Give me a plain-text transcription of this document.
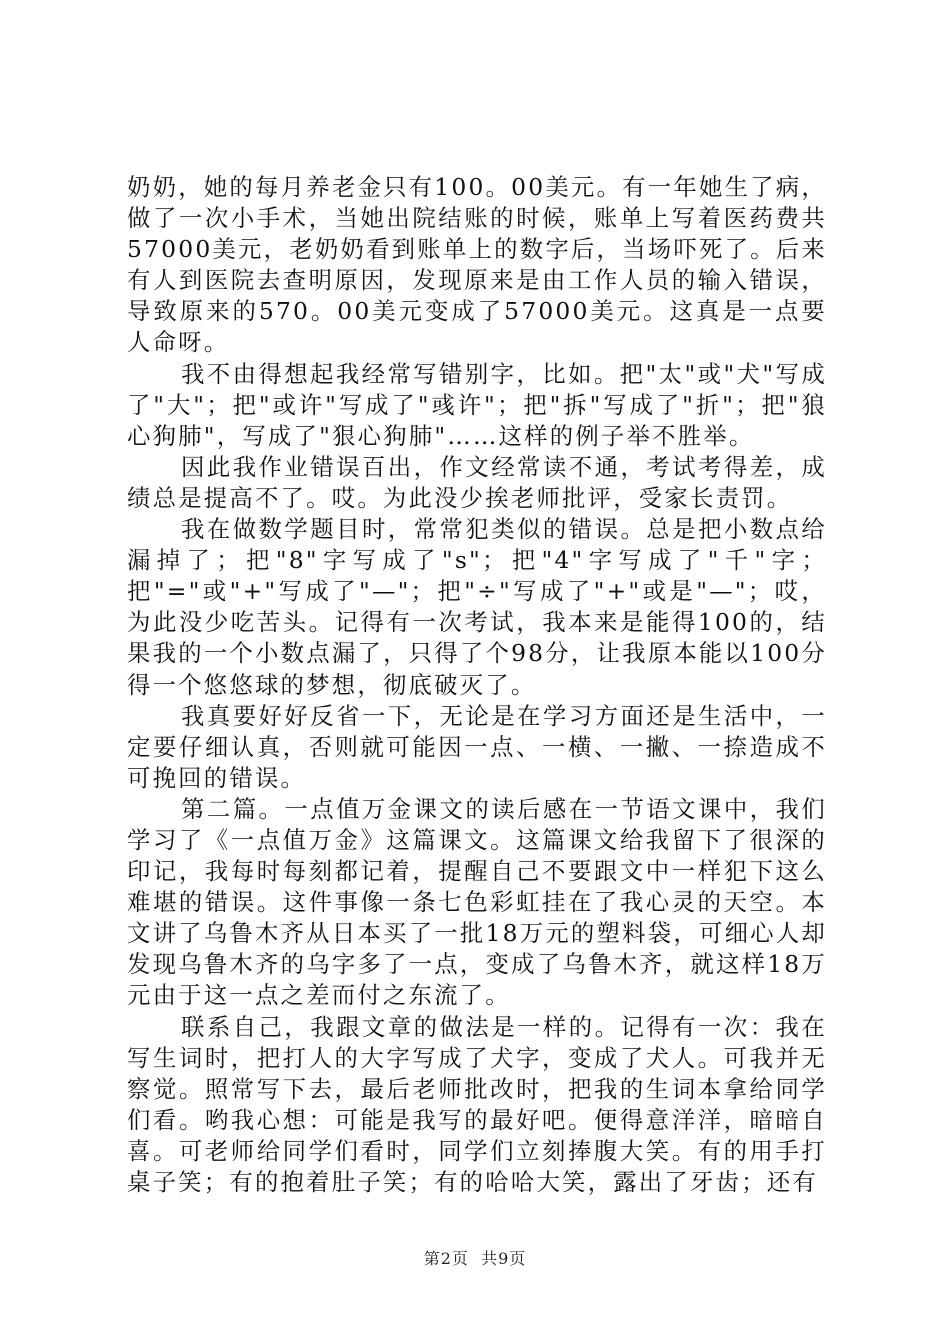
奶奶，她的每月养老金只有100。00美元。有一年她生了病，做了一次小手术，当她出院结账的时候，账单上写着医药费共57000美元，老奶奶看到账单上的数字后，当场吓死了。后来有人到医院去查明原因，发现原来是由工作人员的输入错误，导致原来的570。00美元变成了57000美元。这真是一点要人命呀。

我不由得想起我经常写错别字，比如。把"太"或"犬"写成了"大"；把"或许"写成了"彧许"；把"拆"写成了"折"；把"狼心狗肺"，写成了"狠心狗肺"……这样的例子举不胜举。

因此我作业错误百出，作文经常读不通，考试考得差，成绩总是提高不了。哎。为此没少挨老师批评，受家长责罚。

我在做数学题目时，常常犯类似的错误。总是把小数点给漏掉了；把"8"字写成了"s"；把"4"字写成了"千"字；把"="或"+"写成了"—"；把"÷"写成了"+"或是"—"；哎，为此没少吃苦头。记得有一次考试，我本来是能得100的，结果我的一个小数点漏了，只得了个98分，让我原本能以100分得一个悠悠球的梦想，彻底破灭了。

我真要好好反省一下，无论是在学习方面还是生活中，一定要仔细认真，否则就可能因一点、一横、一撇、一捺造成不可挽回的错误。

第二篇。一点值万金课文的读后感在一节语文课中，我们学习了《一点值万金》这篇课文。这篇课文给我留下了很深的印记，我每时每刻都记着，提醒自己不要跟文中一样犯下这么难堪的错误。这件事像一条七色彩虹挂在了我心灵的天空。本文讲了乌鲁木齐从日本买了一批18万元的塑料袋，可细心人却发现乌鲁木齐的乌字多了一点，变成了乌鲁木齐，就这样18万元由于这一点之差而付之东流了。

联系自己，我跟文章的做法是一样的。记得有一次：我在写生词时，把打人的大字写成了犬字，变成了犬人。可我并无察觉。照常写下去，最后老师批改时，把我的生词本拿给同学们看。哟我心想：可能是我写的最好吧。便得意洋洋，暗暗自喜。可老师给同学们看时，同学们立刻捧腹大笑。有的用手打桌子笑；有的抱着肚子笑；有的哈哈大笑，露出了牙齿；还有

第2页 共9页
